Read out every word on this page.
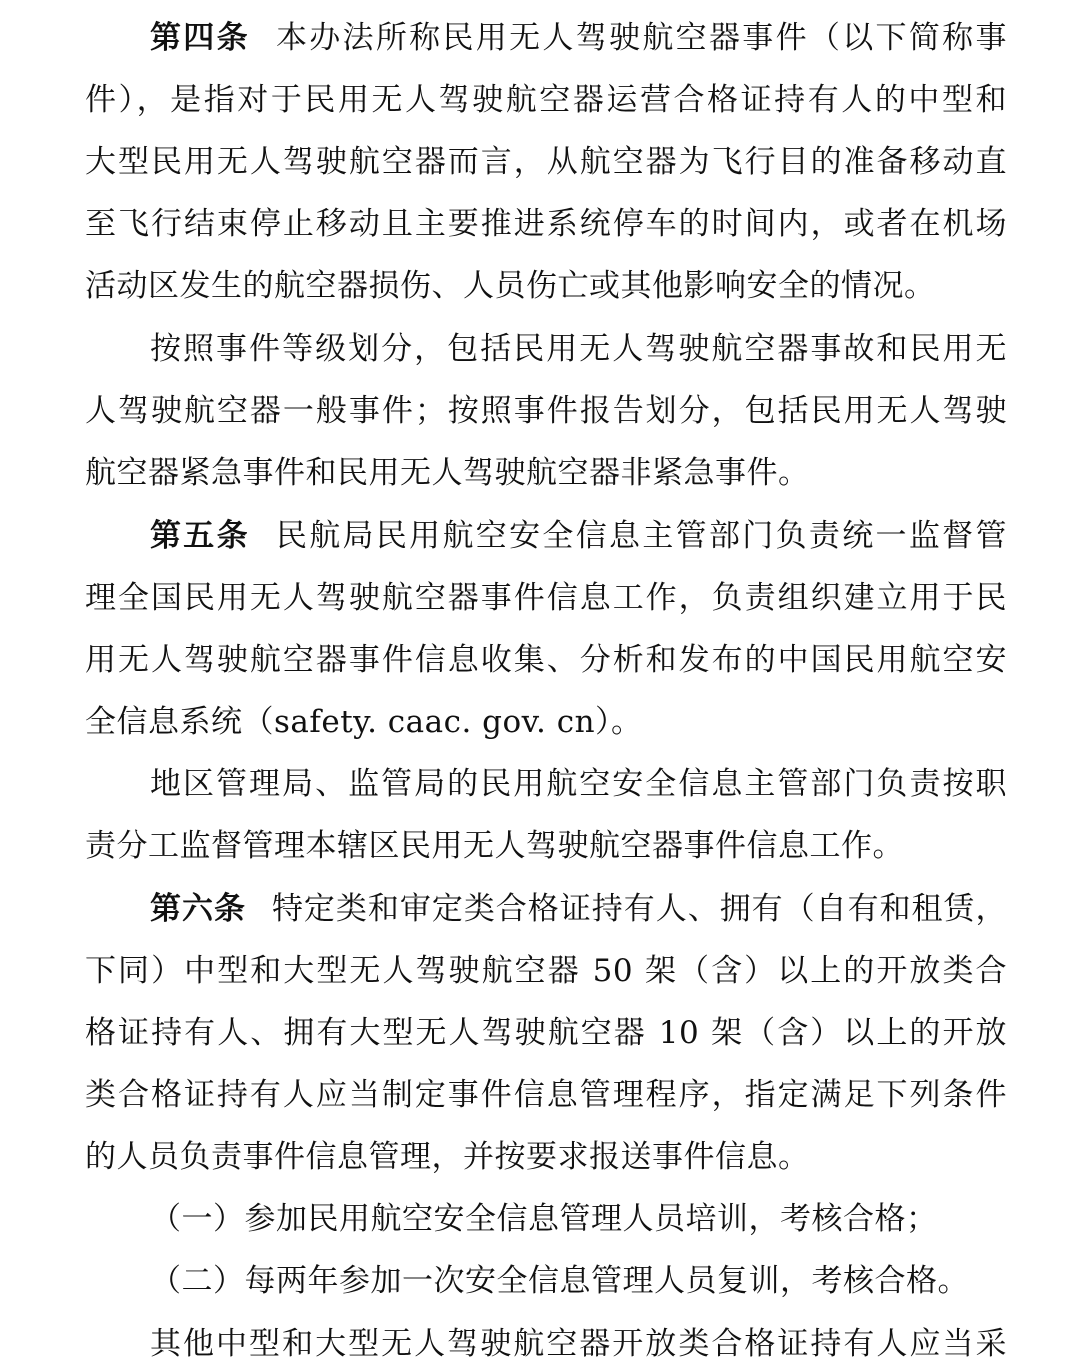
第四条 本办法所称民用无人驾驶航空器事件（以下简称事
件），是指对于民用无人驾驶航空器运营合格证持有人的中型和
大型民用无人驾驶航空器而言，从航空器为飞行目的准备移动直
至飞行结束停止移动且主要推进系统停车的时间内，或者在机场
活动区发生的航空器损伤、人员伤亡或其他影响安全的情况。
按照事件等级划分，包括民用无人驾驶航空器事故和民用无
人驾驶航空器一般事件；按照事件报告划分，包括民用无人驾驶
航空器紧急事件和民用无人驾驶航空器非紧急事件。
第五条 民航局民用航空安全信息主管部门负责统一监督管
理全国民用无人驾驶航空器事件信息工作，负责组织建立用于民
用无人驾驶航空器事件信息收集、分析和发布的中国民用航空安
全信息系统（safety. caac. gov. cn）。
地区管理局、监管局的民用航空安全信息主管部门负责按职
责分工监督管理本辖区民用无人驾驶航空器事件信息工作。
第六条 特定类和审定类合格证持有人、拥有（自有和租赁，
下同）中型和大型无人驾驶航空器 50 架（含）以上的开放类合
格证持有人、拥有大型无人驾驶航空器 10 架（含）以上的开放
类合格证持有人应当制定事件信息管理程序，指定满足下列条件
的人员负责事件信息管理，并按要求报送事件信息。
（一）参加民用航空安全信息管理人员培训，考核合格；
（二）每两年参加一次安全信息管理人员复训，考核合格。
其他中型和大型无人驾驶航空器开放类合格证持有人应当采
